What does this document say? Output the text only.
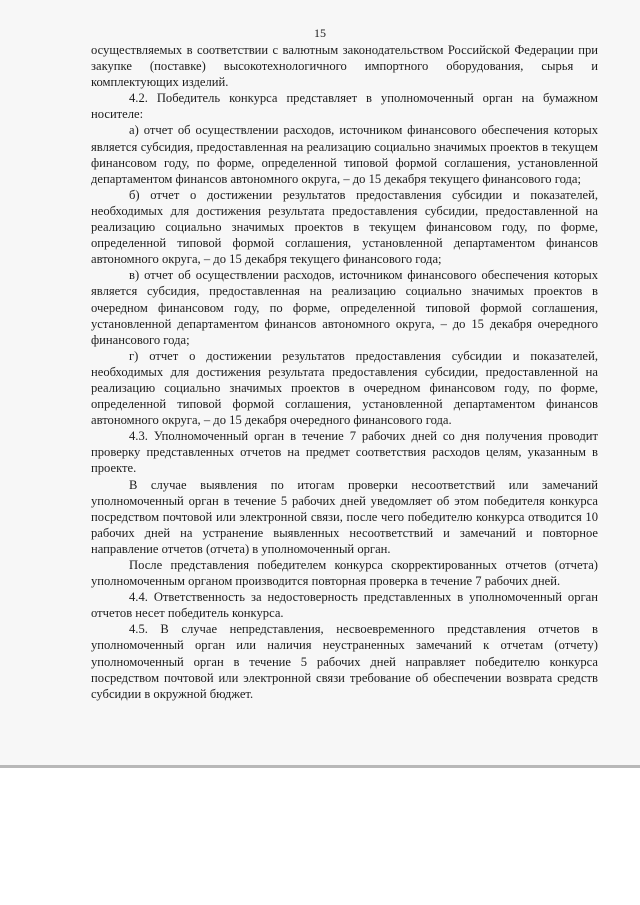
15

осуществляемых в соответствии с валютным законодательством Российской Федерации при закупке (поставке) высокотехнологичного импортного оборудования, сырья и комплектующих изделий.

4.2. Победитель конкурса представляет в уполномоченный орган на бумажном носителе:

а) отчет об осуществлении расходов, источником финансового обеспечения которых является субсидия, предоставленная на реализацию социально значимых проектов в текущем финансовом году, по форме, определенной типовой формой соглашения, установленной департаментом финансов автономного округа, – до 15 декабря текущего финансового года;

б) отчет о достижении результатов предоставления субсидии и показателей, необходимых для достижения результата предоставления субсидии, предоставленной на реализацию социально значимых проектов в текущем финансовом году, по форме, определенной типовой формой соглашения, установленной департаментом финансов автономного округа, – до 15 декабря текущего финансового года;

в) отчет об осуществлении расходов, источником финансового обеспечения которых является субсидия, предоставленная на реализацию социально значимых проектов в очередном финансовом году, по форме, определенной типовой формой соглашения, установленной департаментом финансов автономного округа, – до 15 декабря очередного финансового года;

г) отчет о достижении результатов предоставления субсидии и показателей, необходимых для достижения результата предоставления субсидии, предоставленной на реализацию социально значимых проектов в очередном финансовом году, по форме, определенной типовой формой соглашения, установленной департаментом финансов автономного округа, – до 15 декабря очередного финансового года.

4.3. Уполномоченный орган в течение 7 рабочих дней со дня получения проводит проверку представленных отчетов на предмет соответствия расходов целям, указанным в проекте.

В случае выявления по итогам проверки несоответствий или замечаний уполномоченный орган в течение 5 рабочих дней уведомляет об этом победителя конкурса посредством почтовой или электронной связи, после чего победителю конкурса отводится 10 рабочих дней на устранение выявленных несоответствий и замечаний и повторное направление отчетов (отчета) в уполномоченный орган.

После представления победителем конкурса скорректированных отчетов (отчета) уполномоченным органом производится повторная проверка в течение 7 рабочих дней.

4.4. Ответственность за недостоверность представленных в уполномоченный орган отчетов несет победитель конкурса.

4.5. В случае непредставления, несвоевременного представления отчетов в уполномоченный орган или наличия неустраненных замечаний к отчетам (отчету) уполномоченный орган в течение 5 рабочих дней направляет победителю конкурса посредством почтовой или электронной связи требование об обеспечении возврата средств субсидии в окружной бюджет.
